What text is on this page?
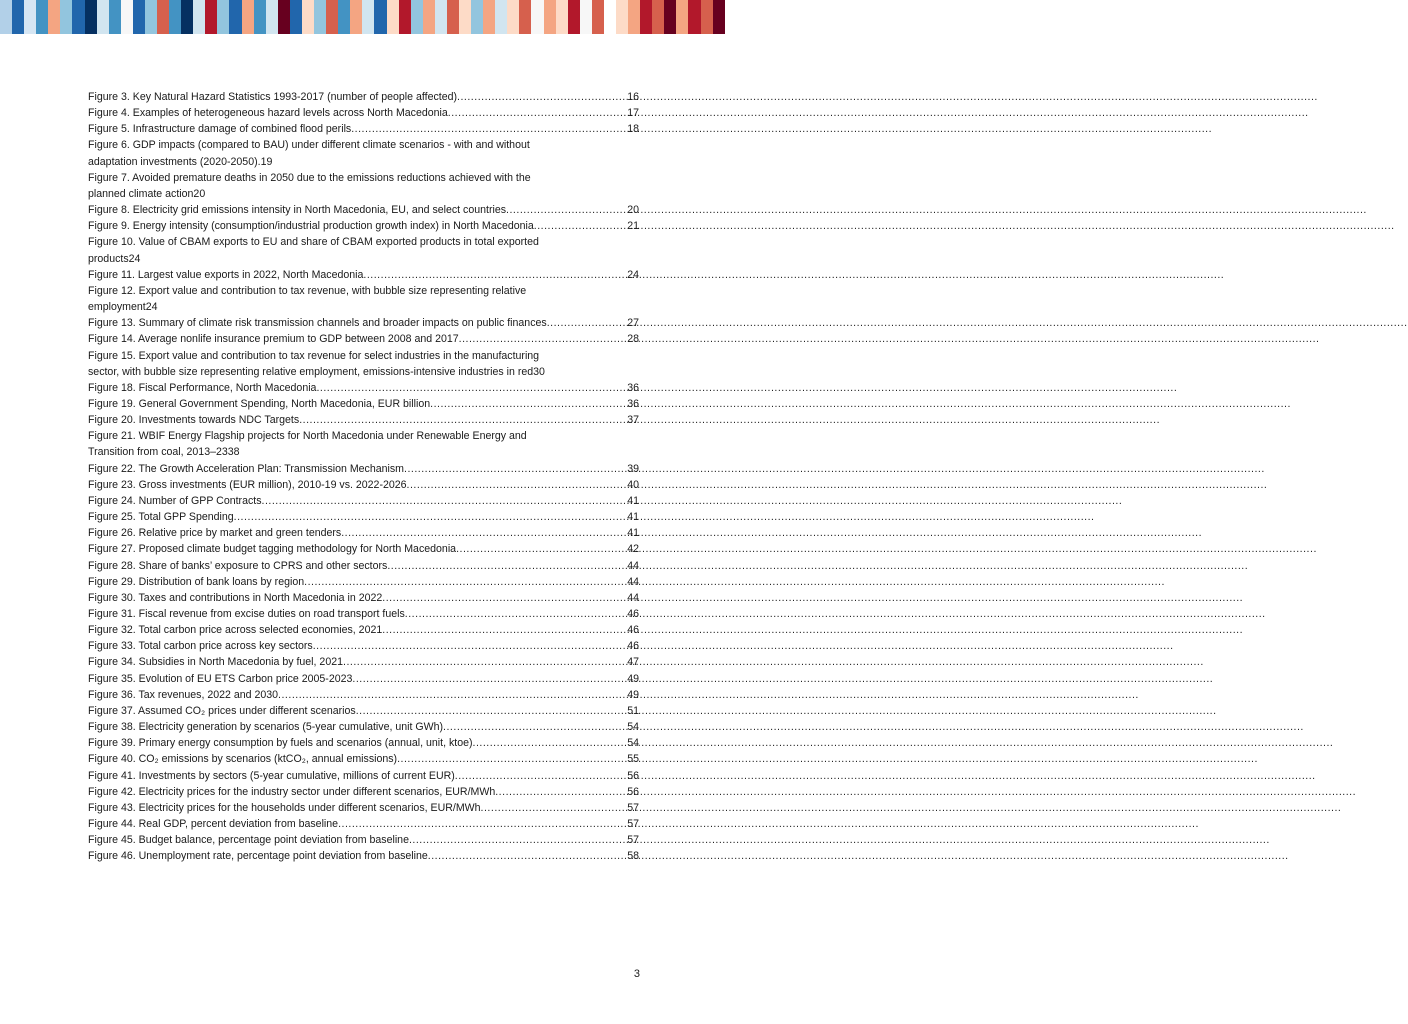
Figure 3. Key Natural Hazard Statistics 1993-2017 (number of people affected) .....	16
Figure 4. Examples of heterogeneous hazard levels across North Macedonia .....	17
Figure 5. Infrastructure damage of combined flood perils .....	18
Figure 6. GDP impacts (compared to BAU) under different climate scenarios - with and without
adaptation investments (2020-2050). 19
Figure 7. Avoided premature deaths in 2050 due to the emissions reductions achieved with the
planned climate action 20
Figure 8. Electricity grid emissions intensity in North Macedonia, EU, and select countries .....	20
Figure 9. Energy intensity (consumption/industrial production growth index) in North Macedonia .....	21
Figure 10. Value of CBAM exports to EU and share of CBAM exported products in total exported
products 24
Figure 11. Largest value exports in 2022, North Macedonia .....	24
Figure 12. Export value and contribution to tax revenue, with bubble size representing relative
employment 24
Figure 13. Summary of climate risk transmission channels and broader impacts on public finances .....	27
Figure 14. Average nonlife insurance premium to GDP between 2008 and 2017 .....	28
Figure 15. Export value and contribution to tax revenue for select industries in the manufacturing
sector, with bubble size representing relative employment, emissions-intensive industries in red 30
Figure 18. Fiscal Performance, North Macedonia .....	36
Figure 19. General Government Spending, North Macedonia, EUR billion .....	36
Figure 20. Investments towards NDC Targets .....	37
Figure 21. WBIF Energy Flagship projects for North Macedonia under Renewable Energy and
Transition from coal, 2013–23 38
Figure 22. The Growth Acceleration Plan: Transmission Mechanism .....	39
Figure 23. Gross investments (EUR million), 2010-19 vs. 2022-2026 .....	40
Figure 24. Number of GPP Contracts .....	41
Figure 25. Total GPP Spending .....	41
Figure 26. Relative price by market and green tenders .....	41
Figure 27. Proposed climate budget tagging methodology for North Macedonia .....	42
Figure 28. Share of banks’ exposure to CPRS and other sectors .....	44
Figure 29. Distribution of bank loans by region .....	44
Figure 30. Taxes and contributions in North Macedonia in 2022 .....	44
Figure 31. Fiscal revenue from excise duties on road transport fuels .....	46
Figure 32. Total carbon price across selected economies, 2021 .....	46
Figure 33. Total carbon price across key sectors .....	46
Figure 34. Subsidies in North Macedonia by fuel, 2021 .....	47
Figure 35. Evolution of EU ETS Carbon price 2005-2023 .....	49
Figure 36. Tax revenues, 2022 and 2030 .....	49
Figure 37. Assumed CO₂ prices under different scenarios .....	51
Figure 38. Electricity generation by scenarios (5-year cumulative, unit GWh) .....	54
Figure 39. Primary energy consumption by fuels and scenarios (annual, unit, ktoe) .....	54
Figure 40. CO₂ emissions by scenarios (ktCO₂, annual emissions) .....	55
Figure 41. Investments by sectors (5-year cumulative, millions of current EUR) .....	56
Figure 42. Electricity prices for the industry sector under different scenarios, EUR/MWh .....	56
Figure 43. Electricity prices for the households under different scenarios, EUR/MWh .....	57
Figure 44. Real GDP, percent deviation from baseline .....	57
Figure 45. Budget balance, percentage point deviation from baseline .....	57
Figure 46. Unemployment rate, percentage point deviation from baseline .....	58
3
